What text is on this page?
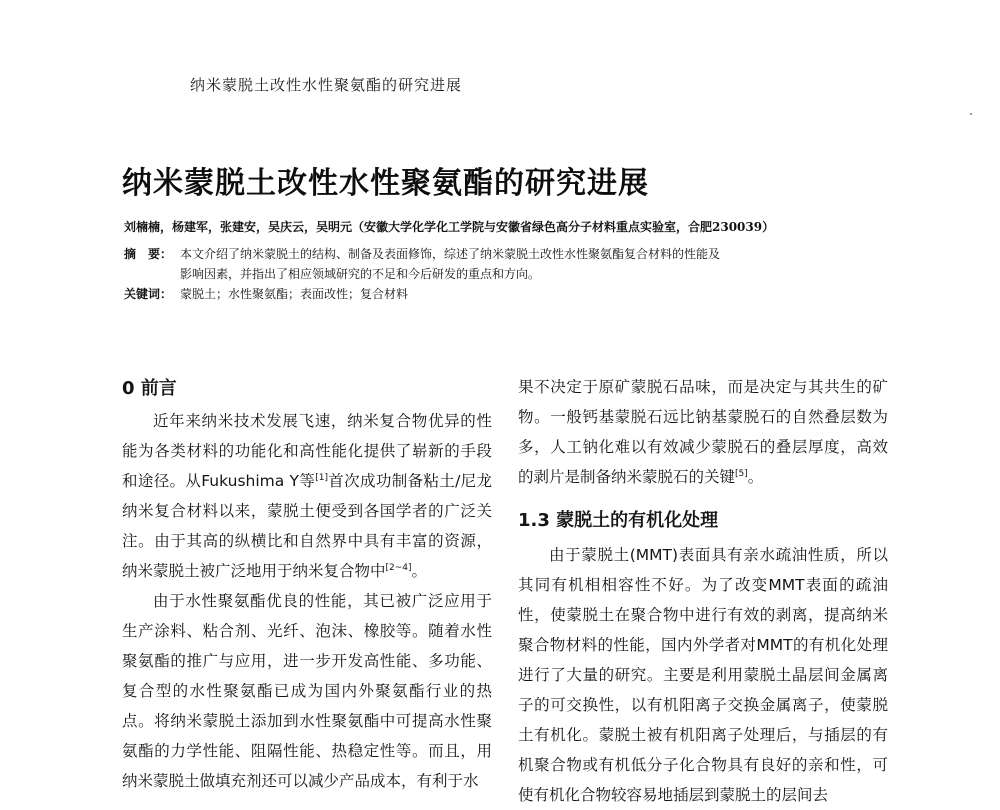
纳米蒙脱土改性水性聚氨酯的研究进展
纳米蒙脱土改性水性聚氨酯的研究进展
刘楠楠，杨建军，张建安，吴庆云，吴明元（安徽大学化学化工学院与安徽省绿色高分子材料重点实验室，合肥230039）
摘　要： 本文介绍了纳米蒙脱土的结构、制备及表面修饰，综述了纳米蒙脱土改性水性聚氨酯复合材料的性能及
影响因素，并指出了相应领域研究的不足和今后研发的重点和方向。
关键词： 蒙脱土；水性聚氨酯；表面改性；复合材料
0 前言

近年来纳米技术发展飞速，纳米复合物优异的性能为各类材料的功能化和高性能化提供了崭新的手段和途径。从Fukushima Y等[1]首次成功制备粘土/尼龙纳米复合材料以来，蒙脱土便受到各国学者的广泛关注。由于其高的纵横比和自然界中具有丰富的资源，纳米蒙脱土被广泛地用于纳米复合物中[2~4]。

由于水性聚氨酯优良的性能，其已被广泛应用于生产涂料、粘合剂、光纤、泡沫、橡胶等。随着水性聚氨酯的推广与应用，进一步开发高性能、多功能、复合型的水性聚氨酯已成为国内外聚氨酯行业的热点。将纳米蒙脱土添加到水性聚氨酯中可提高水性聚氨酯的力学性能、阻隔性能、热稳定性等。而且，用纳米蒙脱土做填充剂还可以减少产品成本，有利于水

果不决定于原矿蒙脱石品味，而是决定与其共生的矿物。一般钙基蒙脱石远比钠基蒙脱石的自然叠层数为多，人工钠化难以有效减少蒙脱石的叠层厚度，高效的剥片是制备纳米蒙脱石的关键[5]。

1.3 蒙脱土的有机化处理

由于蒙脱土(MMT)表面具有亲水疏油性质，所以其同有机相相容性不好。为了改变MMT表面的疏油性，使蒙脱土在聚合物中进行有效的剥离，提高纳米聚合物材料的性能，国内外学者对MMT的有机化处理进行了大量的研究。主要是利用蒙脱土晶层间金属离子的可交换性，以有机阳离子交换金属离子，使蒙脱土有机化。蒙脱土被有机阳离子处理后，与插层的有机聚合物或有机低分子化合物具有良好的亲和性，可使有机化合物较容易地插层到蒙脱土的层间去
